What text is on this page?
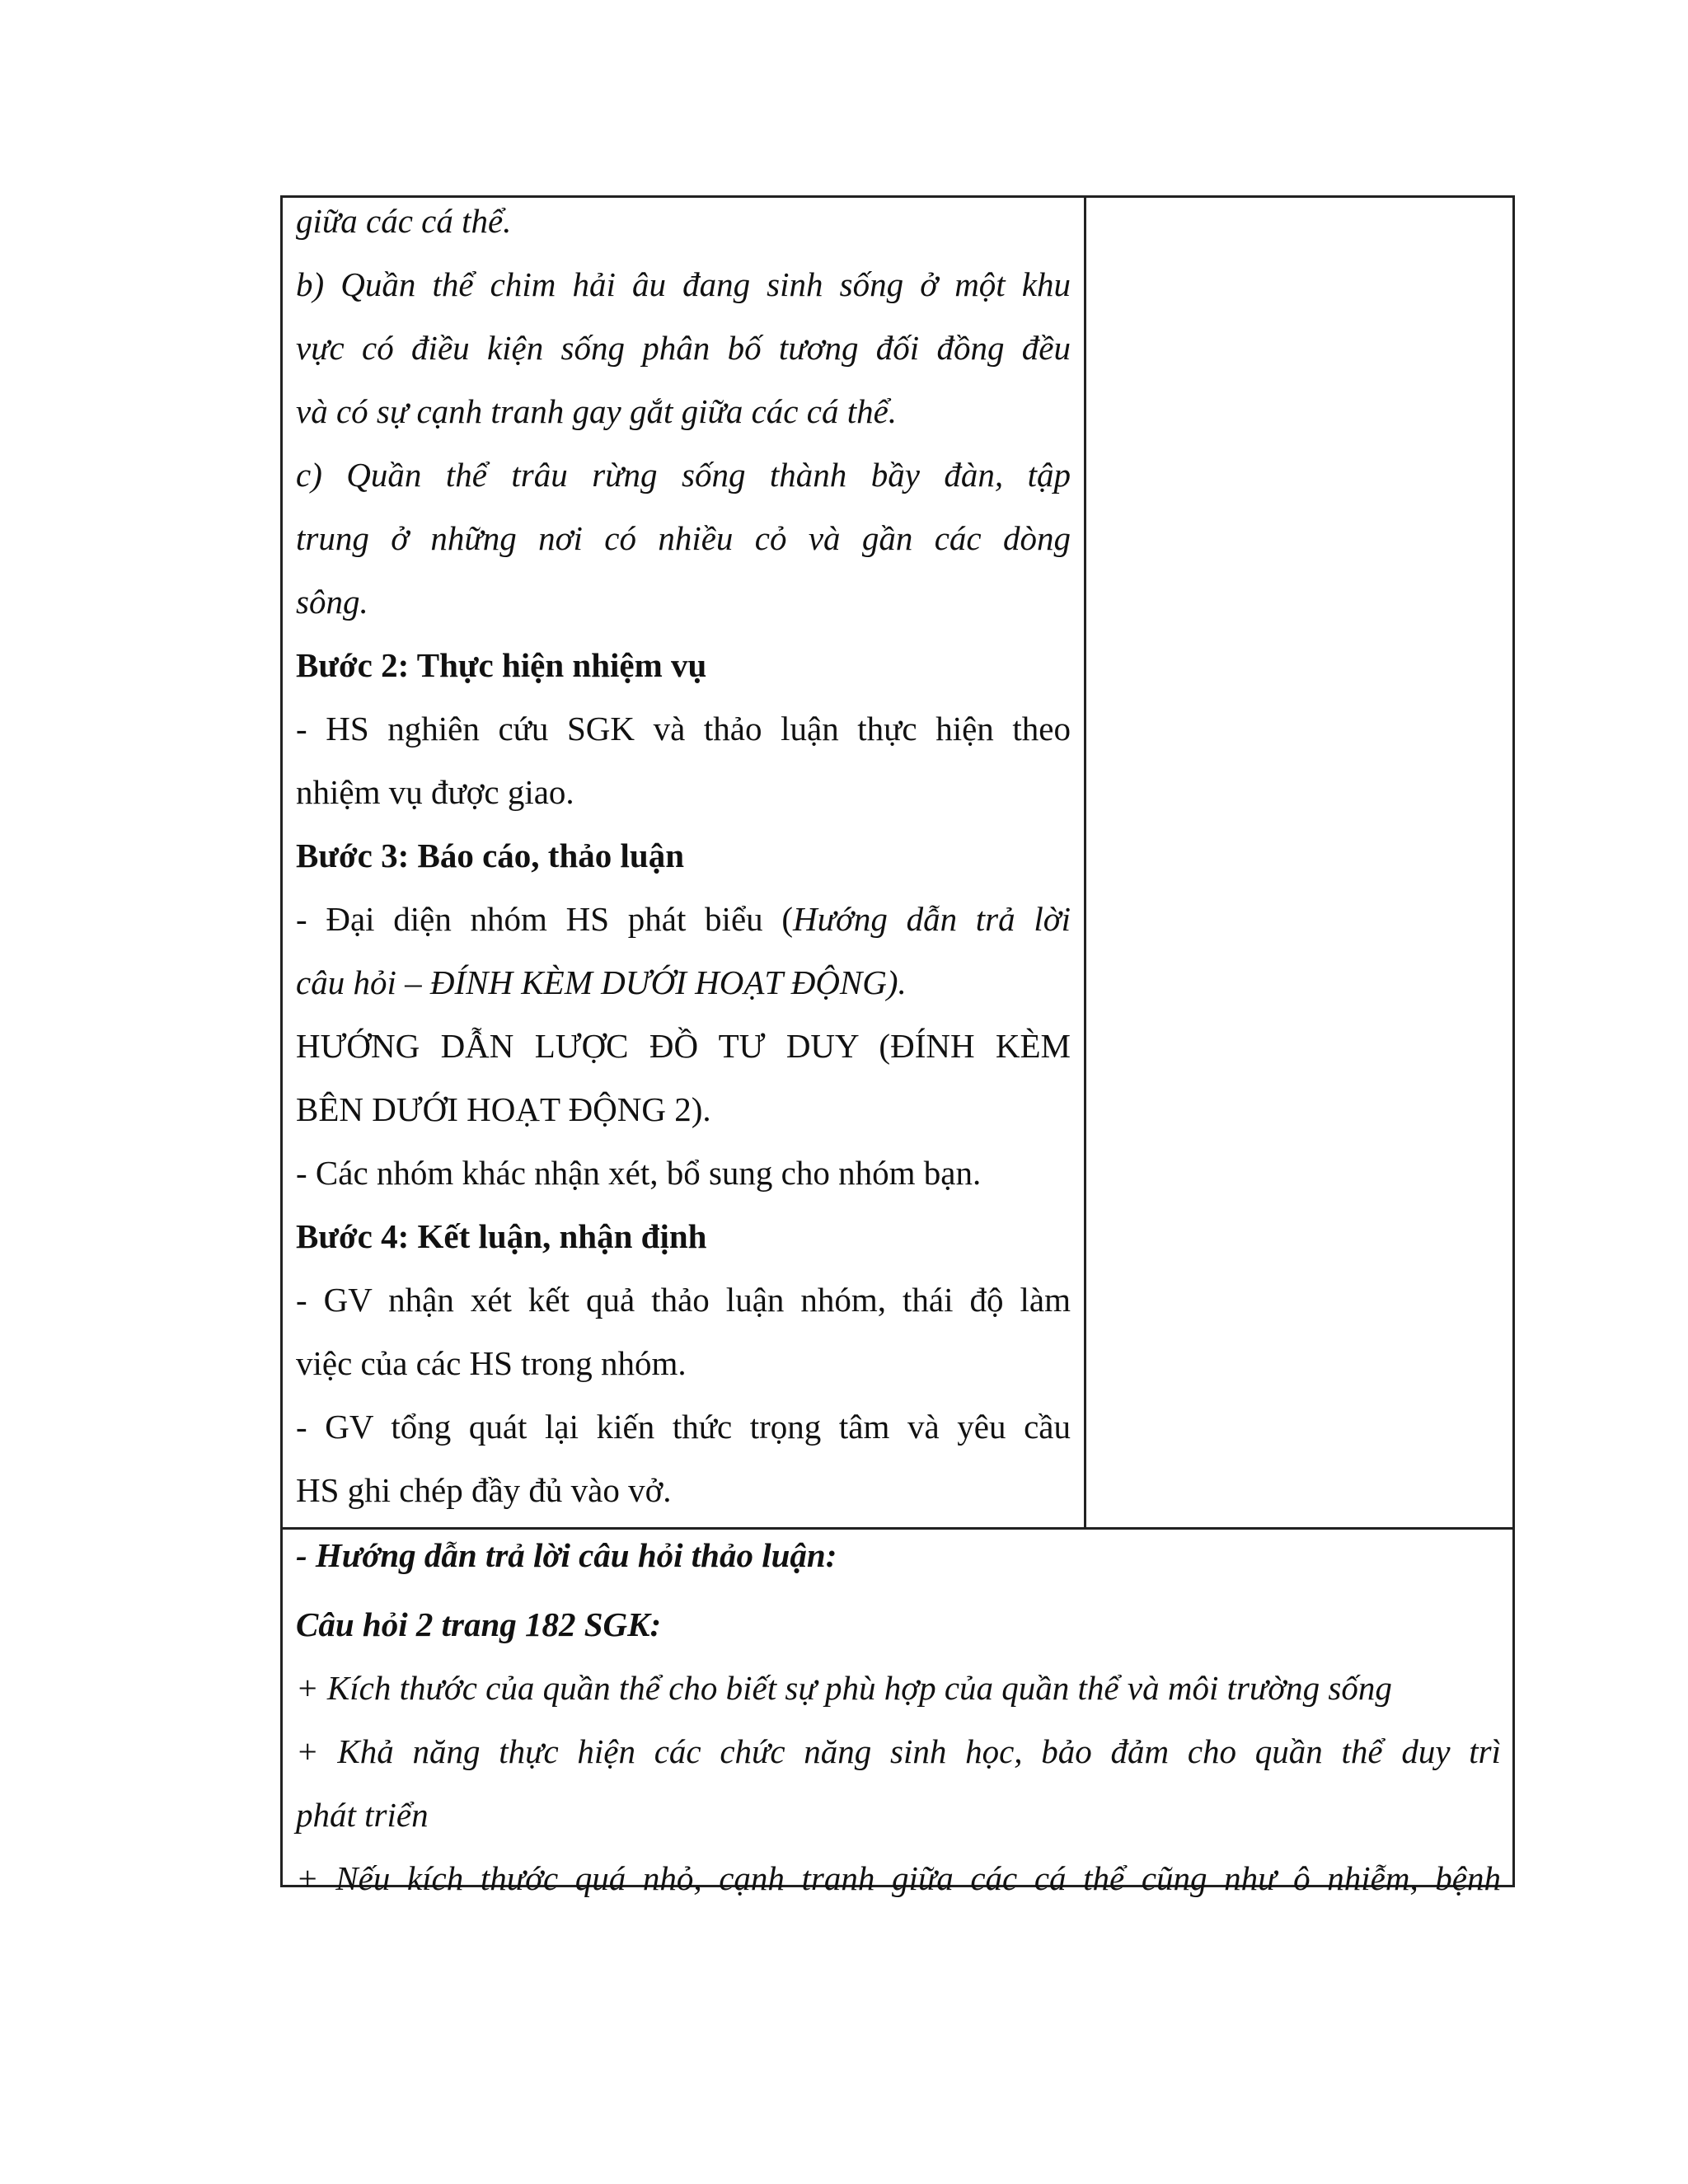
giữa các cá thể.
b) Quần thể chim hải âu đang sinh sống ở một khu
vực có điều kiện sống phân bố tương đối đồng đều
và có sự cạnh tranh gay gắt giữa các cá thể.
c) Quần thể trâu rừng sống thành bầy đàn, tập
trung ở những nơi có nhiều cỏ và gần các dòng
sông.
Bước 2: Thực hiện nhiệm vụ
- HS nghiên cứu SGK và thảo luận thực hiện theo
nhiệm vụ được giao.
Bước 3: Báo cáo, thảo luận
- Đại diện nhóm HS phát biểu (Hướng dẫn trả lời
câu hỏi – ĐÍNH KÈM DƯỚI HOẠT ĐỘNG).
HƯỚNG DẪN LƯỢC ĐỒ TƯ DUY (ĐÍNH KÈM
BÊN DƯỚI HOẠT ĐỘNG 2).
- Các nhóm khác nhận xét, bổ sung cho nhóm bạn.
Bước 4: Kết luận, nhận định
- GV nhận xét kết quả thảo luận nhóm, thái độ làm
việc của các HS trong nhóm.
- GV tổng quát lại kiến thức trọng tâm và yêu cầu
HS ghi chép đầy đủ vào vở.
- Hướng dẫn trả lời câu hỏi thảo luận:
Câu hỏi 2 trang 182 SGK:
+ Kích thước của quần thể cho biết sự phù hợp của quần thể và môi trường sống
+ Khả năng thực hiện các chức năng sinh học, bảo đảm cho quần thể duy trì
phát triển
+ Nếu kích thước quá nhỏ, cạnh tranh giữa các cá thể cũng như ô nhiễm, bệnh
